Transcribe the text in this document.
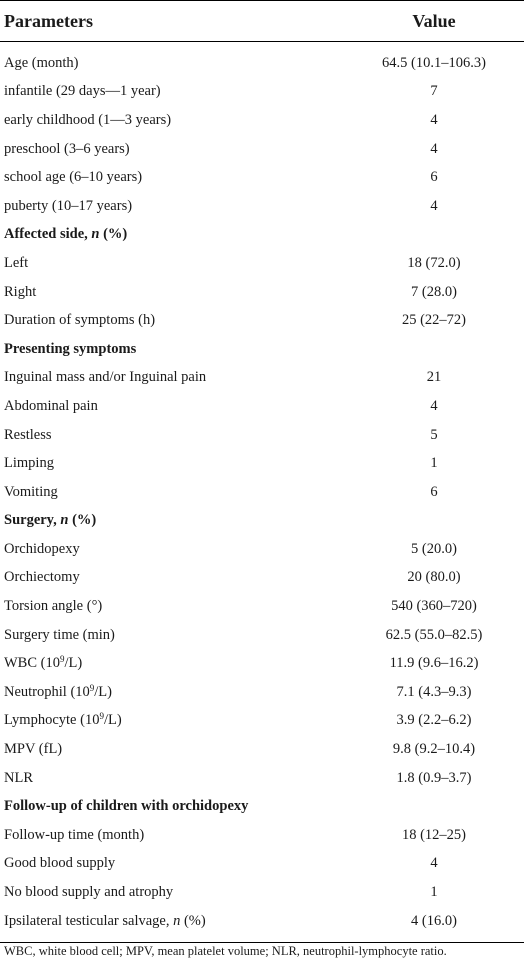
Parameters	Value
Age (month)	64.5 (10.1–106.3)
infantile (29 days—1 year)	7
early childhood (1—3 years)	4
preschool (3–6 years)	4
school age (6–10 years)	6
puberty (10–17 years)	4
Affected side, n (%)
Left	18 (72.0)
Right	7 (28.0)
Duration of symptoms (h)	25 (22–72)
Presenting symptoms
Inguinal mass and/or Inguinal pain	21
Abdominal pain	4
Restless	5
Limping	1
Vomiting	6
Surgery, n (%)
Orchidopexy	5 (20.0)
Orchiectomy	20 (80.0)
Torsion angle (°)	540 (360–720)
Surgery time (min)	62.5 (55.0–82.5)
WBC $(10^9/L)$	11.9 (9.6–16.2)
Neutrophil $(10^9/L)$	7.1 (4.3–9.3)
Lymphocyte $(10^9/L)$	3.9 (2.2–6.2)
MPV (fL)	9.8 (9.2–10.4)
NLR	1.8 (0.9–3.7)
Follow-up of children with orchidopexy
Follow-up time (month)	18 (12–25)
Good blood supply	4
No blood supply and atrophy	1
Ipsilateral testicular salvage, n (%)	4 (16.0)
WBC, white blood cell; MPV, mean platelet volume; NLR, neutrophil-lymphocyte ratio.
